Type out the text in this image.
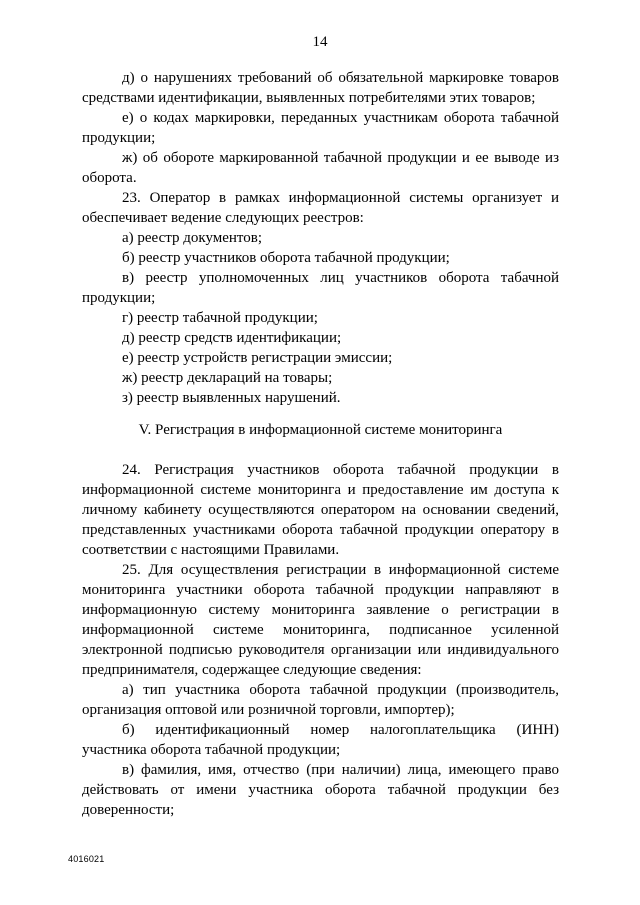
14

д) о нарушениях требований об обязательной маркировке товаров средствами идентификации, выявленных потребителями этих товаров;

е) о кодах маркировки, переданных участникам оборота табачной продукции;

ж) об обороте маркированной табачной продукции и ее выводе из оборота.

23. Оператор в рамках информационной системы организует и обеспечивает ведение следующих реестров:

а) реестр документов;

б) реестр участников оборота табачной продукции;

в) реестр уполномоченных лиц участников оборота табачной продукции;

г) реестр табачной продукции;

д) реестр средств идентификации;

е) реестр устройств регистрации эмиссии;

ж) реестр деклараций на товары;

з) реестр выявленных нарушений.

V. Регистрация в информационной системе мониторинга

24. Регистрация участников оборота табачной продукции в информационной системе мониторинга и предоставление им доступа к личному кабинету осуществляются оператором на основании сведений, представленных участниками оборота табачной продукции оператору в соответствии с настоящими Правилами.

25. Для осуществления регистрации в информационной системе мониторинга участники оборота табачной продукции направляют в информационную систему мониторинга заявление о регистрации в информационной системе мониторинга, подписанное усиленной электронной подписью руководителя организации или индивидуального предпринимателя, содержащее следующие сведения:

а) тип участника оборота табачной продукции (производитель, организация оптовой или розничной торговли, импортер);

б) идентификационный номер налогоплательщика (ИНН) участника оборота табачной продукции;

в) фамилия, имя, отчество (при наличии) лица, имеющего право действовать от имени участника оборота табачной продукции без доверенности;

4016021
